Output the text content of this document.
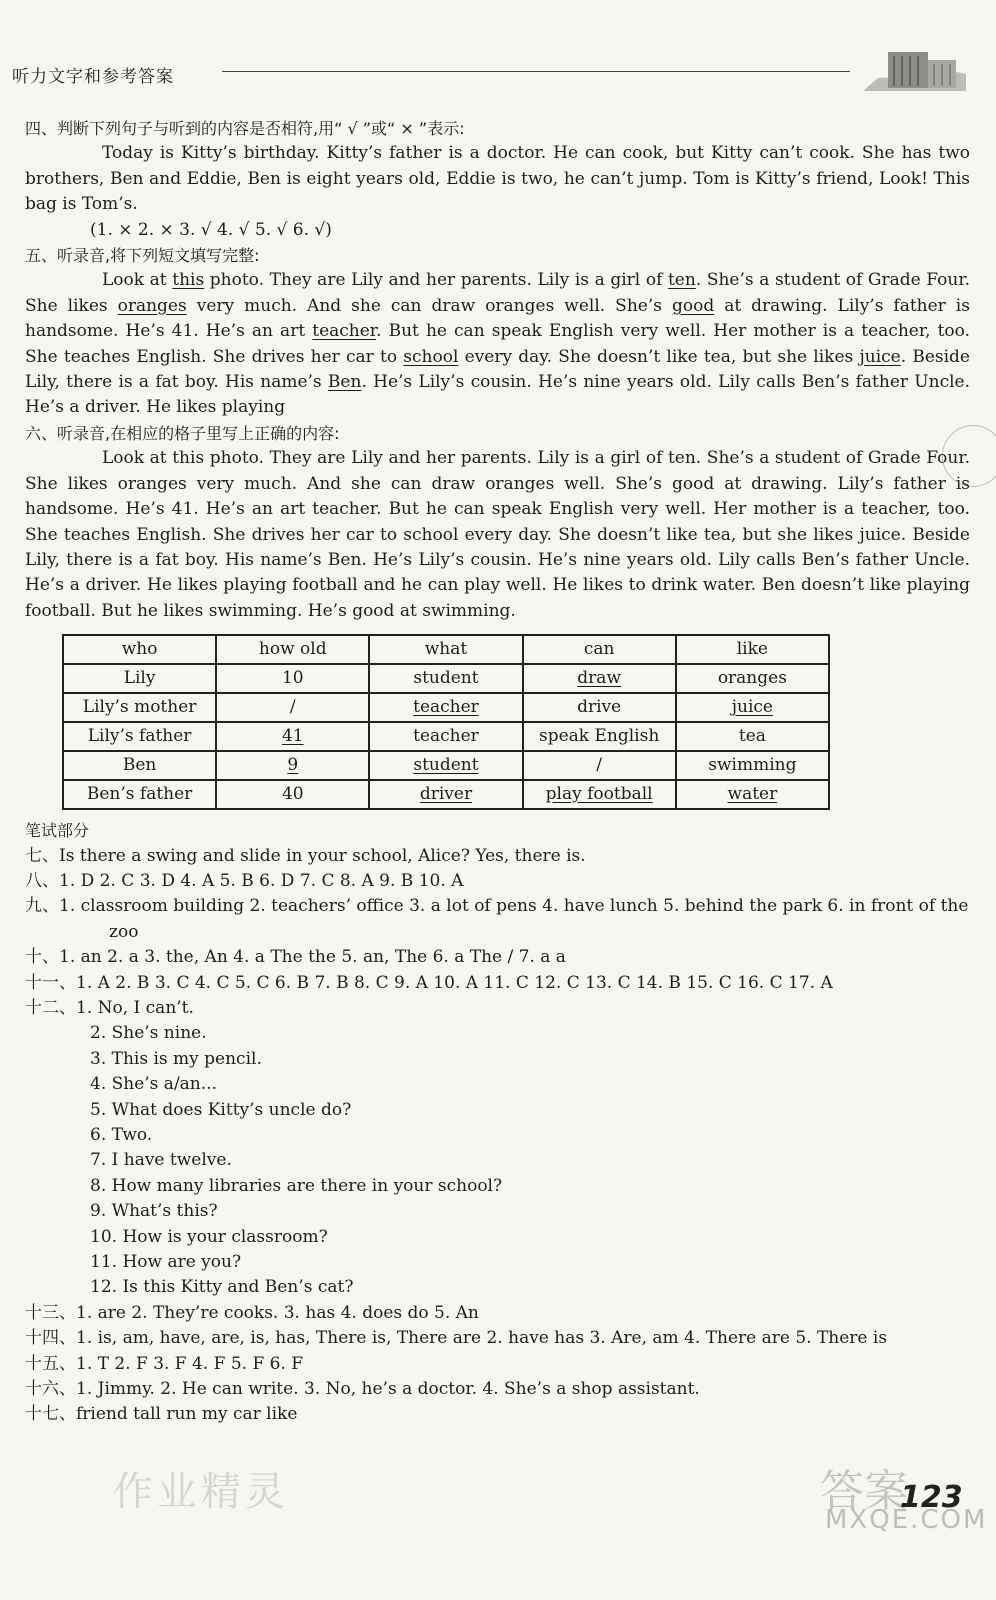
听力文字和参考答案

四、判断下列句子与听到的内容是否相符,用“ √ ”或“ × ”表示:

Today is Kitty’s birthday. Kitty’s father is a doctor. He can cook, but Kitty can’t cook. She has two brothers, Ben and Eddie, Ben is eight years old, Eddie is two, he can’t jump. Tom is Kitty’s friend, Look! This bag is Tom’s.

(1. × 2. × 3. √ 4. √ 5. √ 6. √)

五、听录音,将下列短文填写完整:

Look at this photo. They are Lily and her parents. Lily is a girl of ten. She’s a student of Grade Four. She likes oranges very much. And she can draw oranges well. She’s good at drawing. Lily’s father is handsome. He’s 41. He’s an art teacher. But he can speak English very well. Her mother is a teacher, too. She teaches English. She drives her car to school every day. She doesn’t like tea, but she likes juice. Beside Lily, there is a fat boy. His name’s Ben. He’s Lily’s cousin. He’s nine years old. Lily calls Ben’s father Uncle. He’s a driver. He likes playing

六、听录音,在相应的格子里写上正确的内容:

Look at this photo. They are Lily and her parents. Lily is a girl of ten. She’s a student of Grade Four. She likes oranges very much. And she can draw oranges well. She’s good at drawing. Lily’s father is handsome. He’s 41. He’s an art teacher. But he can speak English very well. Her mother is a teacher, too. She teaches English. She drives her car to school every day. She doesn’t like tea, but she likes juice. Beside Lily, there is a fat boy. His name’s Ben. He’s Lily’s cousin. He’s nine years old. Lily calls Ben’s father Uncle. He’s a driver. He likes playing football and he can play well. He likes to drink water. Ben doesn’t like playing football. But he likes swimming. He’s good at swimming.

who	how old	what	can	like
Lily	10	student	draw	oranges
Lily’s mother	/	teacher	drive	juice
Lily’s father	41	teacher	speak English	tea
Ben	9	student	/	swimming
Ben’s father	40	driver	play football	water

笔试部分

七、Is there a swing and slide in your school, Alice? Yes, there is.

八、1. D 2. C 3. D 4. A 5. B 6. D 7. C 8. A 9. B 10. A

九、1. classroom building 2. teachers’ office 3. a lot of pens 4. have lunch 5. behind the park 6. in front of the zoo

十、1. an 2. a 3. the, An 4. a The the 5. an, The 6. a The / 7. a a

十一、1. A 2. B 3. C 4. C 5. C 6. B 7. B 8. C 9. A 10. A 11. C 12. C 13. C 14. B 15. C 16. C 17. A

十二、1. No, I can’t.

2. She’s nine.

3. This is my pencil.

4. She’s a/an...

5. What does Kitty’s uncle do?

6. Two.

7. I have twelve.

8. How many libraries are there in your school?

9. What’s this?

10. How is your classroom?

11. How are you?

12. Is this Kitty and Ben’s cat?

十三、1. are 2. They’re cooks. 3. has 4. does do 5. An

十四、1. is, am, have, are, is, has, There is, There are 2. have has 3. Are, am 4. There are 5. There is

十五、1. T 2. F 3. F 4. F 5. F 6. F

十六、1. Jimmy. 2. He can write. 3. No, he’s a doctor. 4. She’s a shop assistant.

十七、friend tall run my car like

作业精灵	答案
MXQE.COM
123
